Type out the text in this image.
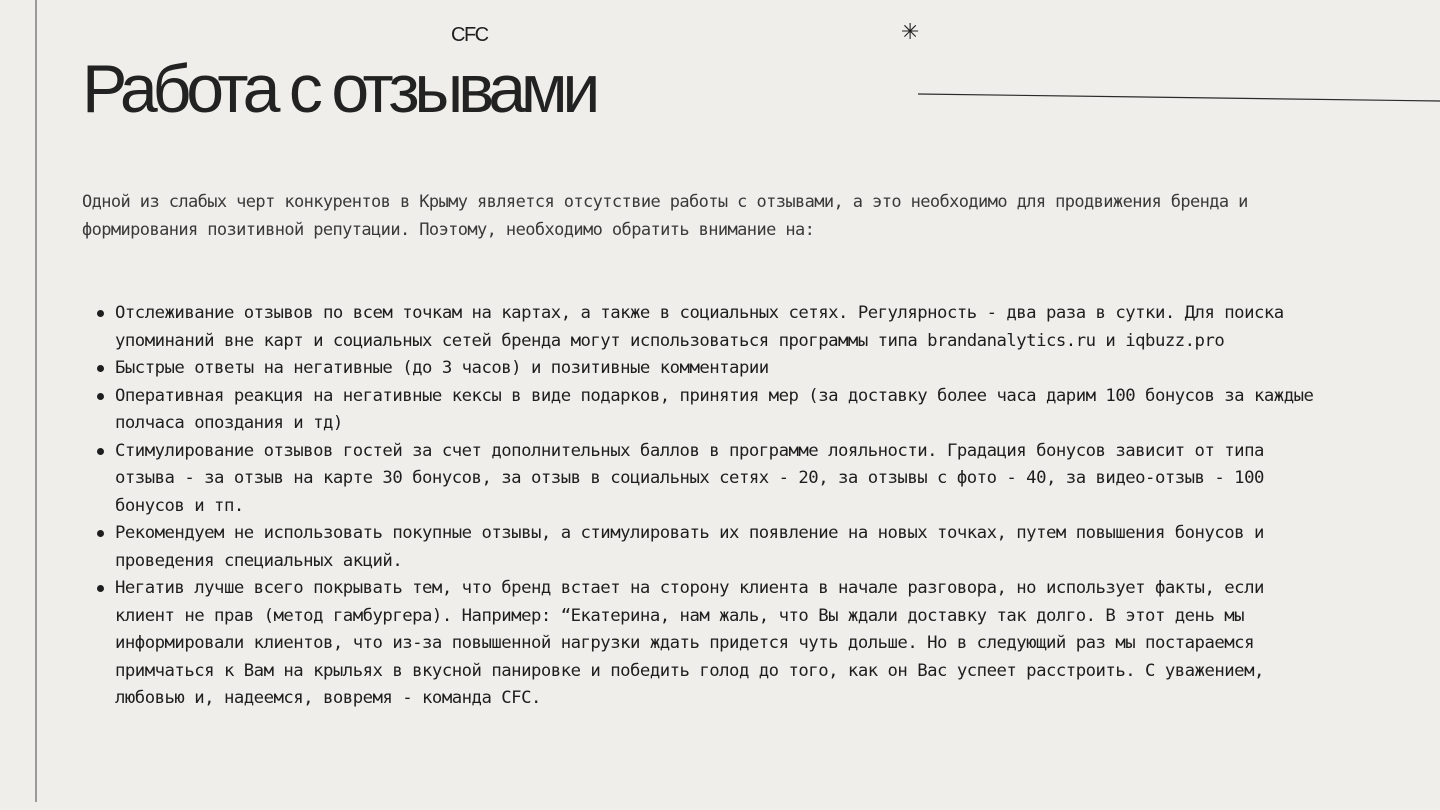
CFC	✳
Работа с отзывами

Одной из слабых черт конкурентов в Крыму является отсутствие работы с отзывами, а это необходимо для продвижения бренда и формирования позитивной репутации. Поэтому, необходимо обратить внимание на:

Отслеживание отзывов по всем точкам на картах, а также в социальных сетях. Регулярность - два раза в сутки. Для поиска упоминаний вне карт и социальных сетей бренда могут использоваться программы типа brandanalytics.ru и iqbuzz.pro
Быстрые ответы на негативные (до 3 часов) и позитивные комментарии
Оперативная реакция на негативные кексы в виде подарков, принятия мер (за доставку более часа дарим 100 бонусов за каждые полчаса опоздания и тд)
Стимулирование отзывов гостей за счет дополнительных баллов в программе лояльности. Градация бонусов зависит от типа отзыва - за отзыв на карте 30 бонусов, за отзыв в социальных сетях - 20, за отзывы с фото - 40, за видео-отзыв - 100 бонусов и тп.
Рекомендуем не использовать покупные отзывы, а стимулировать их появление на новых точках, путем повышения бонусов и проведения специальных акций.
Негатив лучше всего покрывать тем, что бренд встает на сторону клиента в начале разговора, но использует факты, если клиент не прав (метод гамбургера). Например: “Екатерина, нам жаль, что Вы ждали доставку так долго. В этот день мы информировали клиентов, что из-за повышенной нагрузки ждать придется чуть дольше. Но в следующий раз мы постараемся примчаться к Вам на крыльях в вкусной панировке и победить голод до того, как он Вас успеет расстроить. С уважением, любовью и, надеемся, вовремя - команда CFC.
